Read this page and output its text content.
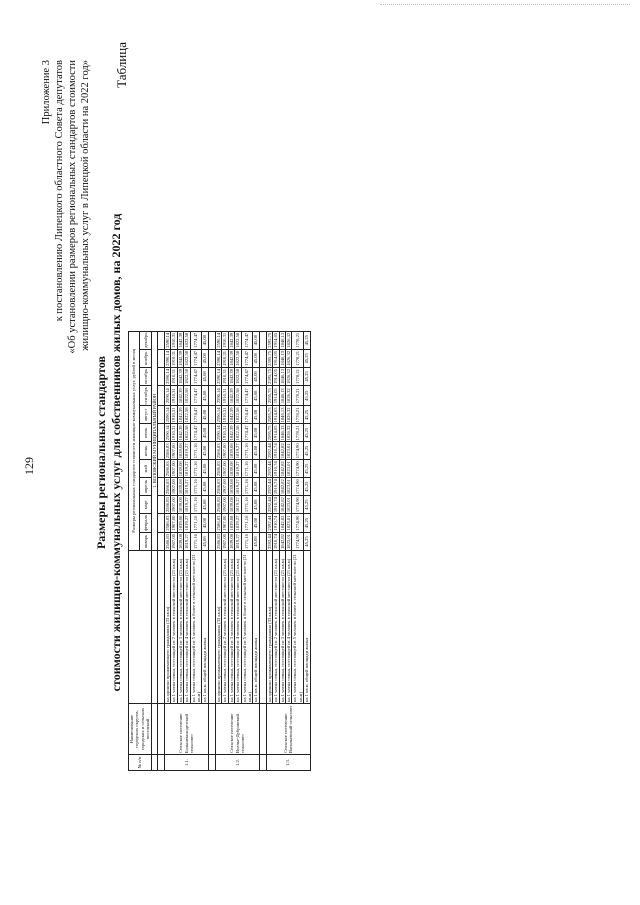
129
Приложение 3 к постановлению Липецкого областного Совета депутатов «Об установлении размеров региональных стандартов стоимости жилищно-коммунальных услуг в Липецкой области на 2022 год»
Размеры региональных стандартов стоимости жилищно-коммунальных услуг для собственников жилых домов, на 2022 год
Таблица
№ п/п	Наименование городских округов, городских и сельских поселений		Размеры региональных стандартов стоимости жилищно-коммунальных услуг, рублей в месяц											
			январь	февраль	март	апрель	май	июнь	июль	август	сентябрь	октябрь	ноябрь	декабрь
			1. ВОЛОВСКИЙ МУНИЦИПАЛЬНЫЙ РАЙОН											

1.1.	Сельское поселение Большеколодезский сельсовет	на одиноко проживающего гражданина (33 кв.м)	2586,83	2586,83	2586,83	2586,83	2586,83	2586,83	2590,14	2590,14	2590,14	2590,14	2590,14	2590,14
		на 1 члена семьи, состоящей из 2 человек в сельской местности (21 кв.м)	1907,00	1907,00	1907,00	1907,00	1907,00	1907,00	1910,31	1910,31	1910,31	1910,31	1910,31	1910,31
		на 1 члена семьи, состоящей из 3 человек в сельской местности (21 кв.м)	1839,08	1839,08	1839,08	1839,08	1839,08	1839,08	1842,39	1842,39	1842,39	1842,39	1842,39	1842,39
		на 1 члена семьи, состоящей из 4 человек в сельской местности (21 кв.м)	1819,27	1819,27	1819,27	1819,27	1819,27	1819,27	1822,58	1822,58	1822,58	1822,58	1822,58	1822,58
		на 1 члена семьи, состоящей из 5 человек и более в сельской местности (21 кв.м)	1771,16	1771,16	1771,16	1771,16	1771,16	1771,16	1774,47	1774,47	1774,47	1774,47	1774,47	1774,47
		на 1 кв.м. общей площади жилья	45,08	45,08	45,08	45,08	45,08	45,08	45,08	45,08	45,08	45,08	45,08	45,08

1.2.	Сельское поселение Волчье-Дубравский сельсовет	на одиноко проживающего гражданина (33 кв.м)	2586,83	2586,83	2586,83	2586,83	2586,83	2586,83	2590,14	2590,14	2590,14	2590,14	2590,14	2590,14
		на 1 члена семьи, состоящей из 2 человек в сельской местности (21 кв.м)	1907,00	1907,00	1907,00	1907,00	1907,00	1907,00	1910,31	1910,31	1910,31	1910,31	1910,31	1910,31
		на 1 члена семьи, состоящей из 3 человек в сельской местности (21 кв.м)	1839,08	1839,08	1839,08	1839,08	1839,08	1839,08	1842,39	1842,39	1842,39	1842,39	1842,39	1842,39
		на 1 члена семьи, состоящей из 4 человек в сельской местности (21 кв.м)	1819,27	1819,27	1819,27	1819,27	1819,27	1819,27	1822,58	1822,58	1822,58	1822,58	1822,58	1822,58
		на 1 члена семьи, состоящей из 5 человек и более в сельской местности (21 кв.м)	1771,16	1771,16	1771,16	1771,16	1771,16	1771,16	1774,47	1774,47	1774,47	1774,47	1774,47	1774,47
		на 1 кв.м. общей площади жилья	45,08	45,08	45,08	45,08	45,08	45,08	45,08	45,08	45,08	45,08	45,08	45,08

1.3.	Сельское поселение Васильевский сельсовет	на одиноко проживающего гражданина (33 кв.м)	2592,44	2592,44	2592,44	2592,44	2592,44	2592,44	2595,75	2595,75	2595,75	2595,75	2595,75	2595,75
		на 1 члена семьи, состоящей из 2 человек в сельской местности (21 кв.м)	1910,74	1910,74	1910,74	1910,74	1910,74	1910,74	1914,05	1914,05	1914,05	1914,05	1914,05	1914,05
		на 1 члена семьи, состоящей из 3 человек в сельской местности (21 кв.м)	1842,82	1842,82	1842,82	1842,82	1842,82	1842,82	1846,13	1846,13	1846,13	1846,13	1846,13	1846,13
		на 1 члена семьи, состоящей из 4 человек в сельской местности (21 кв.м)	1823,01	1823,01	1823,01	1823,01	1823,01	1823,01	1826,32	1826,32	1826,32	1826,32	1826,32	1826,32
		на 1 члена семьи, состоящей из 5 человек и более в сельской местности (21 кв.м)	1774,90	1774,90	1774,90	1774,90	1774,90	1774,90	1778,21	1778,21	1778,21	1778,21	1778,21	1778,21
		на 1 кв.м. общей площади жилья	45,25	45,25	45,25	45,25	45,25	45,25	45,25	45,25	45,25	45,25	45,25	45,25
